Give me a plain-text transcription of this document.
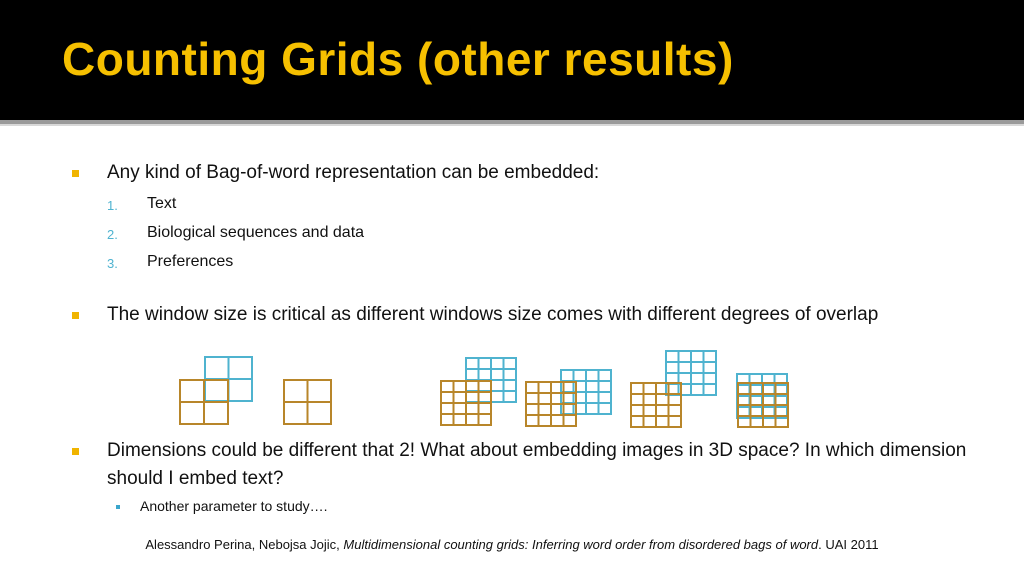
Counting Grids (other results)
Any kind of Bag-of-word representation can be embedded:
1. Text
2. Biological sequences and data
3. Preferences
The window size is critical as different windows size comes with different degrees of overlap
Dimensions could be different that 2! What about embedding images in 3D space? In which dimension should I embed text?
Another parameter to study….
Alessandro Perina, Nebojsa Jojic, Multidimensional counting grids: Inferring word order from disordered bags of word. UAI 2011
